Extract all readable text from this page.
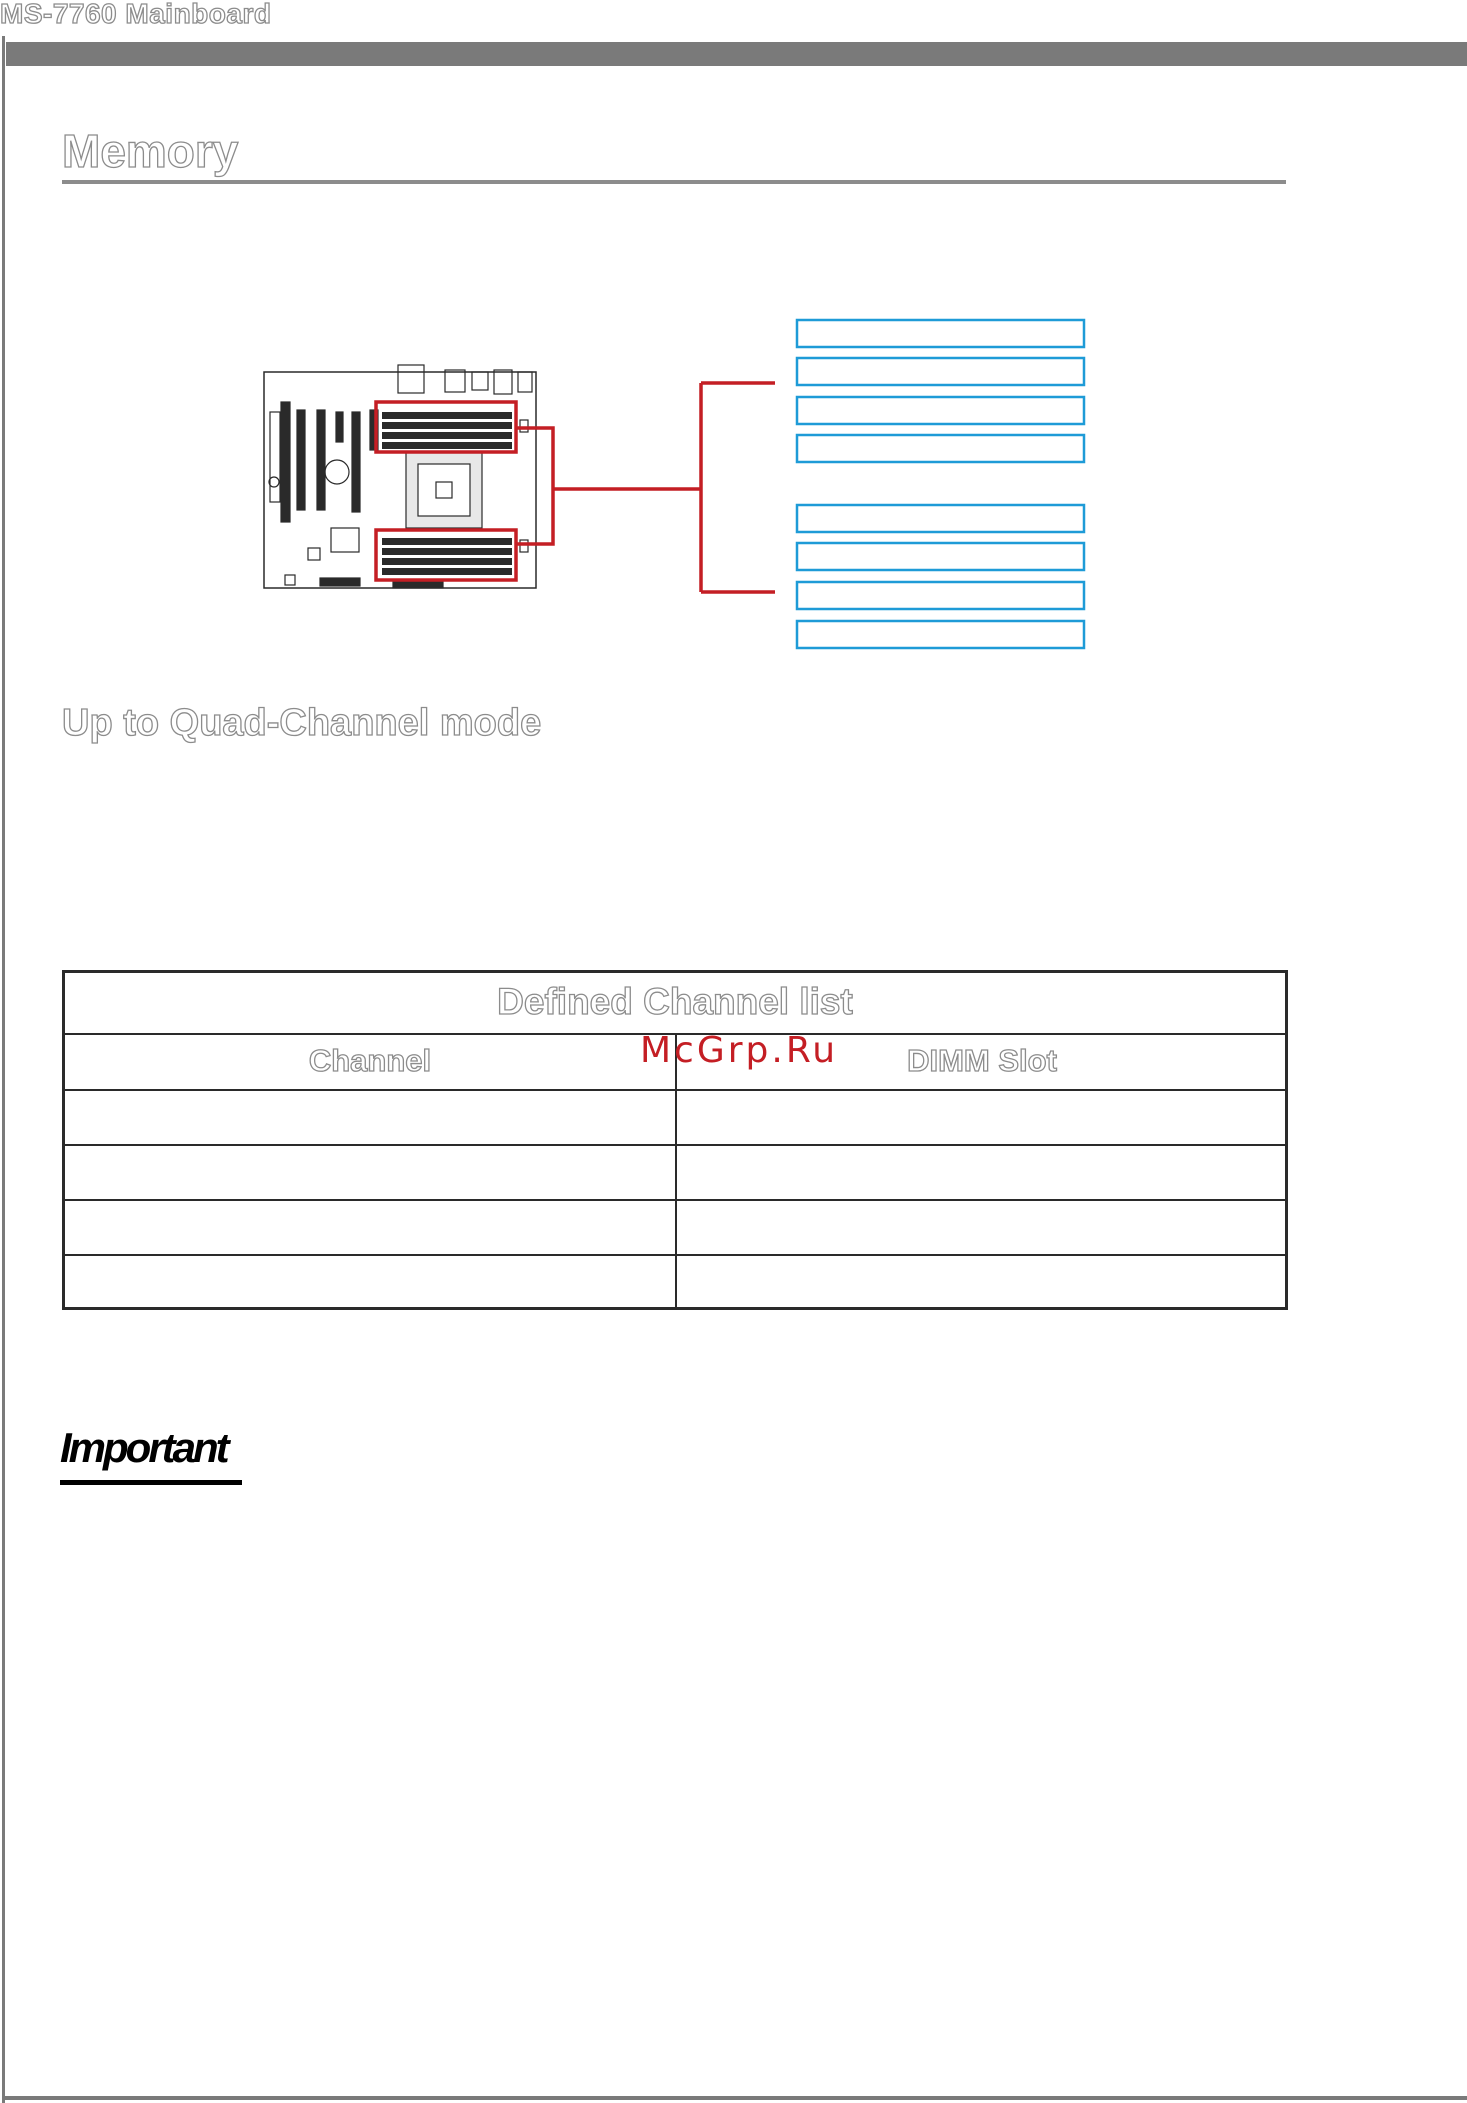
MS-7760 Mainboard
Memory
Up to Quad-Channel mode
Defined Channel list
Channel	DIMM Slot
McGrp.Ru
Important
